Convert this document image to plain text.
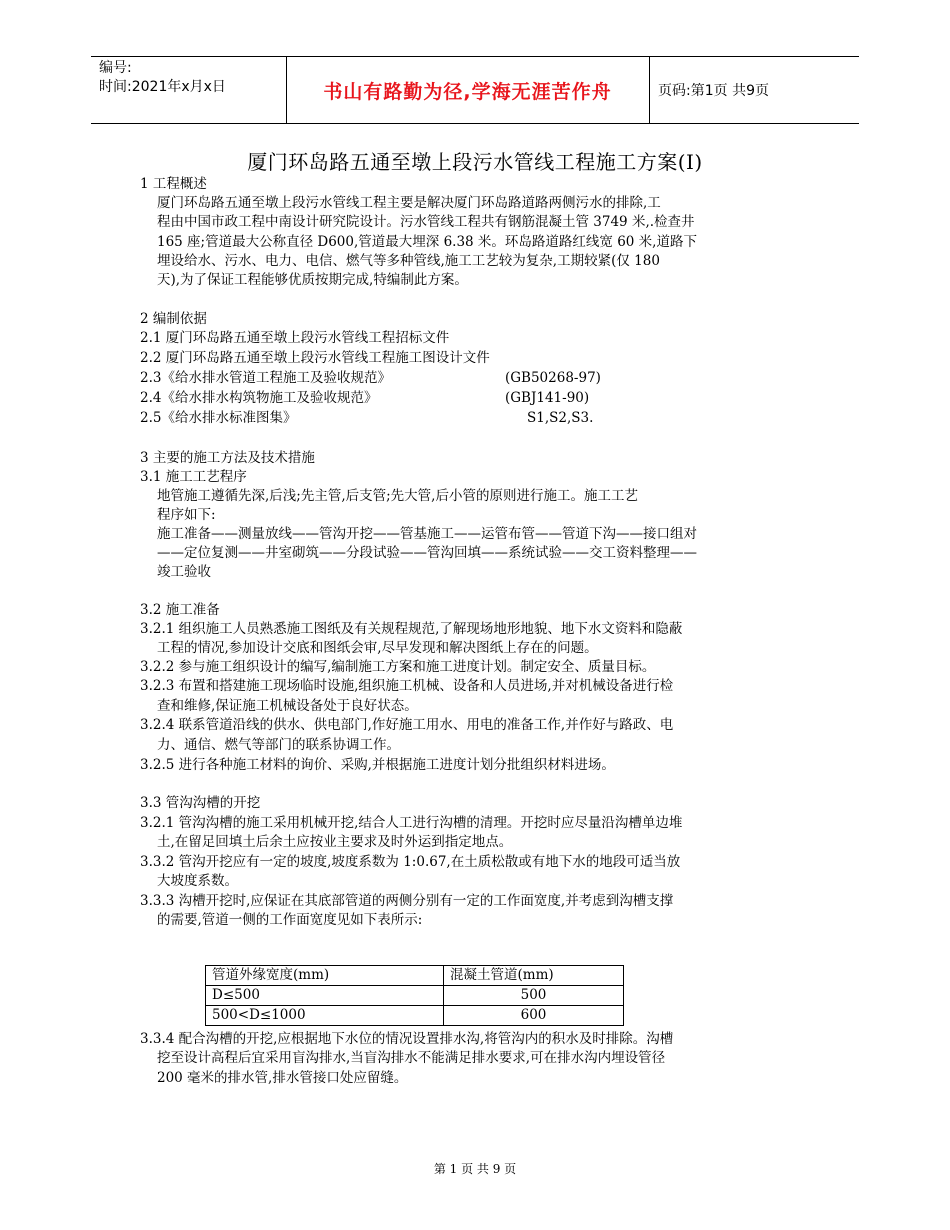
编号:
时间:2021年x月x日	书山有路勤为径,学海无涯苦作舟	页码:第1页 共9页
厦门环岛路五通至墩上段污水管线工程施工方案(I)
1 工程概述
厦门环岛路五通至墩上段污水管线工程主要是解决厦门环岛路道路两侧污水的排除,工
程由中国市政工程中南设计研究院设计。污水管线工程共有钢筋混凝土管 3749 米,.检查井
165 座;管道最大公称直径 D600,管道最大埋深 6.38 米。环岛路道路红线宽 60 米,道路下
埋设给水、污水、电力、电信、燃气等多种管线,施工工艺较为复杂,工期较紧(仅 180
天),为了保证工程能够优质按期完成,特编制此方案。
2 编制依据
2.1 厦门环岛路五通至墩上段污水管线工程招标文件
2.2 厦门环岛路五通至墩上段污水管线工程施工图设计文件
2.3《给水排水管道工程施工及验收规范》	(GB50268-97)
2.4《给水排水构筑物施工及验收规范》	(GBJ141-90)
2.5《给水排水标准图集》	S1,S2,S3.
3 主要的施工方法及技术措施
3.1 施工工艺程序
地管施工遵循先深,后浅;先主管,后支管;先大管,后小管的原则进行施工。施工工艺
程序如下:
施工准备——测量放线——管沟开挖——管基施工——运管布管——管道下沟——接口组对
——定位复测——井室砌筑——分段试验——管沟回填——系统试验——交工资料整理——
竣工验收
3.2 施工准备
3.2.1 组织施工人员熟悉施工图纸及有关规程规范,了解现场地形地貌、地下水文资料和隐蔽
工程的情况,参加设计交底和图纸会审,尽早发现和解决图纸上存在的问题。
3.2.2 参与施工组织设计的编写,编制施工方案和施工进度计划。制定安全、质量目标。
3.2.3 布置和搭建施工现场临时设施,组织施工机械、设备和人员进场,并对机械设备进行检
查和维修,保证施工机械设备处于良好状态。
3.2.4 联系管道沿线的供水、供电部门,作好施工用水、用电的准备工作,并作好与路政、电
力、通信、燃气等部门的联系协调工作。
3.2.5 进行各种施工材料的询价、采购,并根据施工进度计划分批组织材料进场。
3.3 管沟沟槽的开挖
3.2.1 管沟沟槽的施工采用机械开挖,结合人工进行沟槽的清理。开挖时应尽量沿沟槽单边堆
土,在留足回填土后余土应按业主要求及时外运到指定地点。
3.3.2 管沟开挖应有一定的坡度,坡度系数为 1:0.67,在土质松散或有地下水的地段可适当放
大坡度系数。
3.3.3 沟槽开挖时,应保证在其底部管道的两侧分别有一定的工作面宽度,并考虑到沟槽支撑
的需要,管道一侧的工作面宽度见如下表所示:
管道外缘宽度(mm)	混凝土管道(mm)
D≤500	500
500<D≤1000	600
3.3.4 配合沟槽的开挖,应根据地下水位的情况设置排水沟,将管沟内的积水及时排除。沟槽
挖至设计高程后宜采用盲沟排水,当盲沟排水不能满足排水要求,可在排水沟内埋设管径
200 毫米的排水管,排水管接口处应留缝。
第 1 页 共 9 页
